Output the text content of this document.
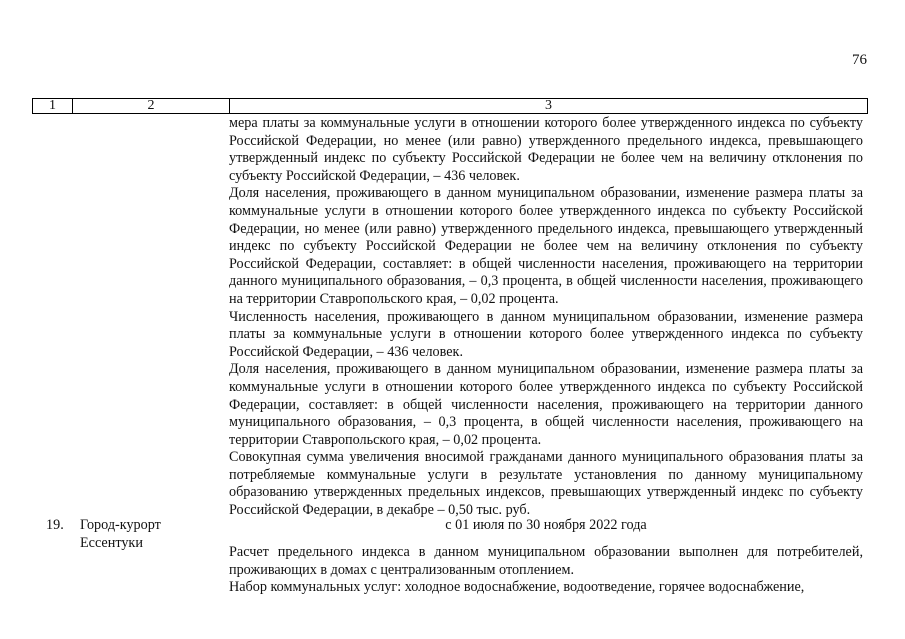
76
1	2	3

мера платы за коммунальные услуги в отношении которого более утвержденного индекса по субъекту Российской Федерации, но менее (или равно) утвержденного предельного индекса, превышающего утвержденный индекс по субъекту Российской Федерации не более чем на величину отклонения по субъекту Российской Федерации, – 436 человек.

Доля населения, проживающего в данном муниципальном образовании, изменение размера платы за коммунальные услуги в отношении которого более утвержденного индекса по субъекту Российской Федерации, но менее (или равно) утвержденного предельного индекса, превышающего утвержденный индекс по субъекту Российской Федерации не более чем на величину отклонения по субъекту Российской Федерации, составляет: в общей численности населения, проживающего на территории данного муниципального образования, – 0,3 процента, в общей численности населения, проживающего на территории Ставропольского края, – 0,02 процента.

Численность населения, проживающего в данном муниципальном образовании, изменение размера платы за коммунальные услуги в отношении которого более утвержденного индекса по субъекту Российской Федерации, – 436 человек.

Доля населения, проживающего в данном муниципальном образовании, изменение размера платы за коммунальные услуги в отношении которого более утвержденного индекса по субъекту Российской Федерации, составляет: в общей численности населения, проживающего на территории данного муниципального образования, – 0,3 процента, в общей численности населения, проживающего на территории Ставропольского края, – 0,02 процента.

Совокупная сумма увеличения вносимой гражданами данного муниципального образования платы за потребляемые коммунальные услуги в результате установления по данному муниципальному образованию утвержденных предельных индексов, превышающих утвержденный индекс по субъекту Российской Федерации, в декабре – 0,50 тыс. руб.

19. Город-курорт Ессентуки
с 01 июля по 30 ноября 2022 года

Расчет предельного индекса в данном муниципальном образовании выполнен для потребителей, проживающих в домах с централизованным отоплением.

Набор коммунальных услуг: холодное водоснабжение, водоотведение, горячее водоснабжение,
